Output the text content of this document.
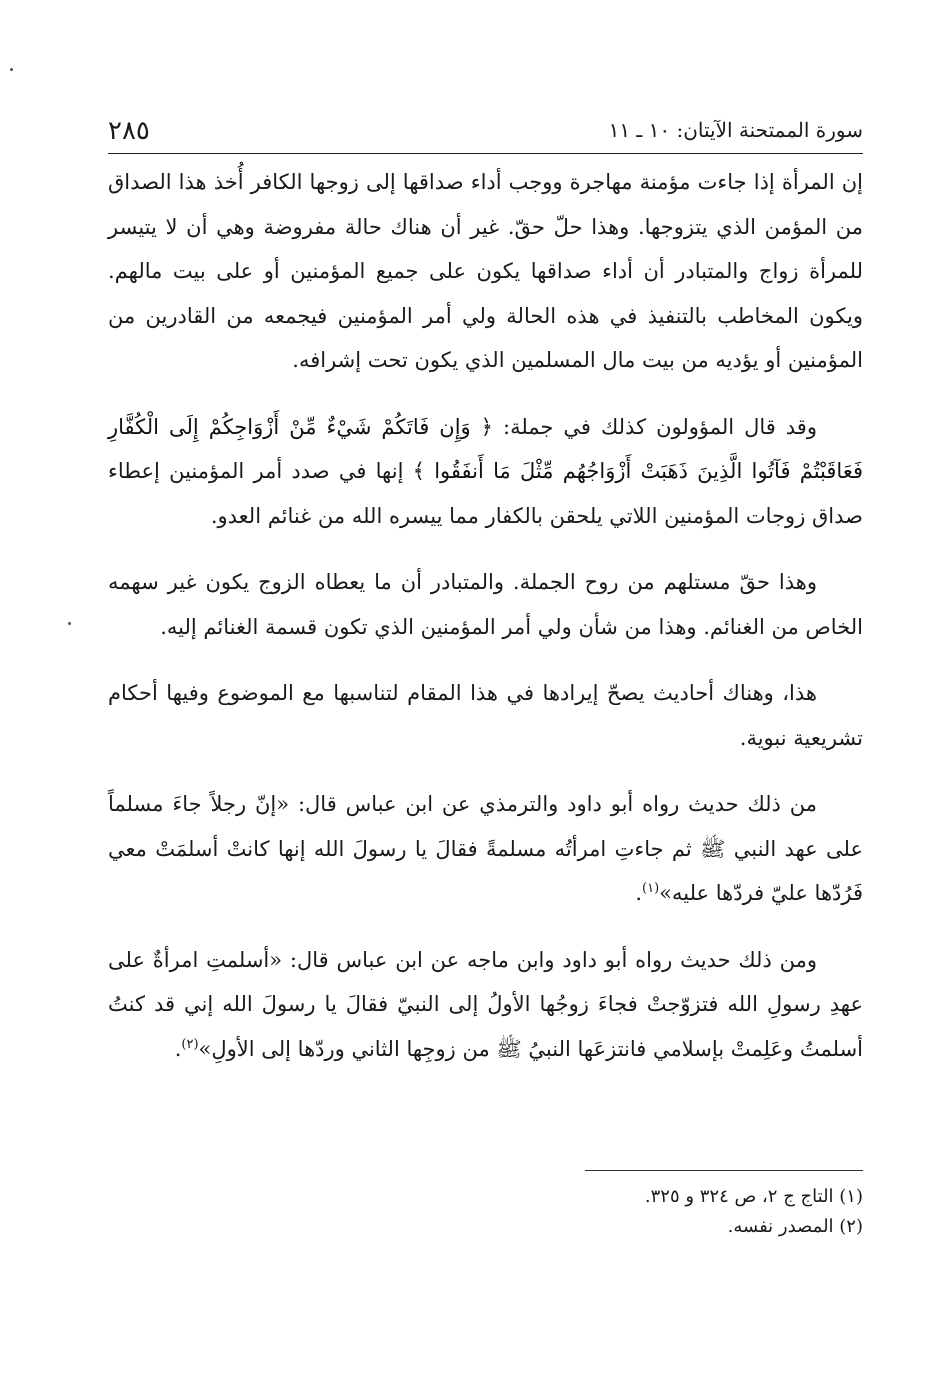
٢٨٥	سورة الممتحنة الآيتان: ١٠ ـ ١١

إن المرأة إذا جاءت مؤمنة مهاجرة ووجب أداء صداقها إلى زوجها الكافر أُخذ هذا الصداق من المؤمن الذي يتزوجها. وهذا حلّ حقّ. غير أن هناك حالة مفروضة وهي أن لا يتيسر للمرأة زواج والمتبادر أن أداء صداقها يكون على جميع المؤمنين أو على بيت مالهم. ويكون المخاطب بالتنفيذ في هذه الحالة ولي أمر المؤمنين فيجمعه من القادرين من المؤمنين أو يؤديه من بيت مال المسلمين الذي يكون تحت إشرافه.

وقد قال المؤولون كذلك في جملة: ﴿ وَإِن فَاتَكُمْ شَيْءٌ مِّنْ أَزْوَاجِكُمْ إِلَى الْكُفَّارِ فَعَاقَبْتُمْ فَآتُوا الَّذِينَ ذَهَبَتْ أَزْوَاجُهُم مِّثْلَ مَا أَنفَقُوا ﴾ إنها في صدد أمر المؤمنين إعطاء صداق زوجات المؤمنين اللاتي يلحقن بالكفار مما ييسره الله من غنائم العدو.

وهذا حقّ مستلهم من روح الجملة. والمتبادر أن ما يعطاه الزوج يكون غير سهمه الخاص من الغنائم. وهذا من شأن ولي أمر المؤمنين الذي تكون قسمة الغنائم إليه.

هذا، وهناك أحاديث يصحّ إيرادها في هذا المقام لتناسبها مع الموضوع وفيها أحكام تشريعية نبوية.

من ذلك حديث رواه أبو داود والترمذي عن ابن عباس قال: «إنّ رجلاً جاءَ مسلماً على عهد النبي ﷺ ثم جاءتِ امرأتُه مسلمةً فقالَ يا رسولَ الله إنها كانتْ أسلمَتْ معي فَرُدّها عليّ فردّها عليه»$^{(١)}$.

ومن ذلك حديث رواه أبو داود وابن ماجه عن ابن عباس قال: «أسلمتِ امرأةٌ على عهدِ رسولِ الله فتزوّجتْ فجاءَ زوجُها الأولُ إلى النبيّ فقالَ يا رسولَ الله إني قد كنتُ أسلمتُ وعَلِمتْ بإسلامي فانتزعَها النبيُ ﷺ من زوجِها الثاني وردّها إلى الأولِ»$^{(٢)}$.

(١) التاج ج ٢، ص ٣٢٤ و ٣٢٥.

(٢) المصدر نفسه.
